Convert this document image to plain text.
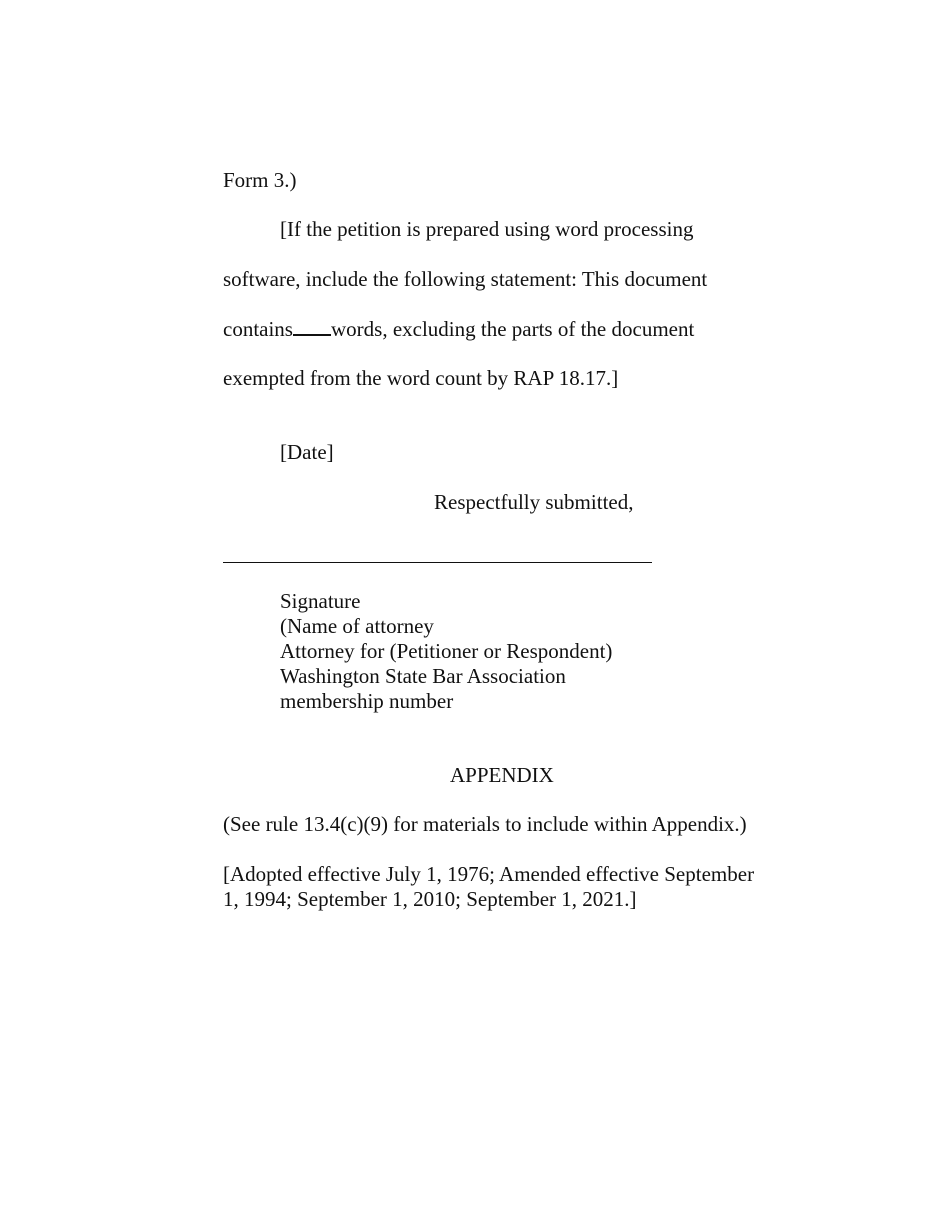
Form 3.)
[If the petition is prepared using word processing
software, include the following statement: This document
contains words, excluding the parts of the document
exempted from the word count by RAP 18.17.]
[Date]
Respectfully submitted,
Signature
(Name of attorney
Attorney for (Petitioner or Respondent)
Washington State Bar Association
membership number
APPENDIX
(See rule 13.4(c)(9) for materials to include within Appendix.)
[Adopted effective July 1, 1976; Amended effective September
1, 1994; September 1, 2010; September 1, 2021.]
